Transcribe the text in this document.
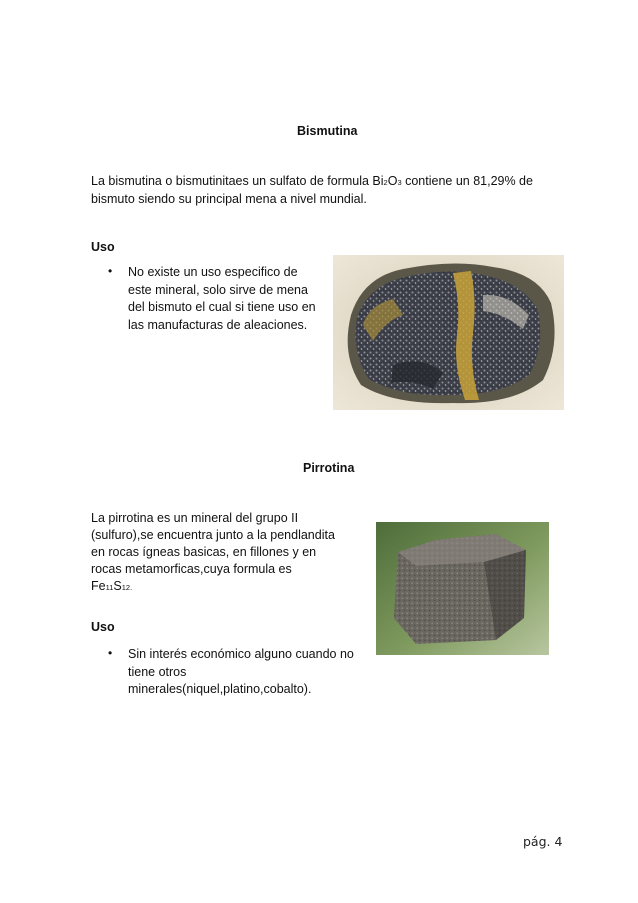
Bismutina
La bismutina o bismutinitaes un sulfato de formula Bi2O3 contiene un 81,29% de
bismuto siendo su principal mena a nivel mundial.
Uso
• No existe un uso especifico de este mineral, solo sirve de mena del bismuto el cual si tiene uso en las manufacturas de aleaciones.
Pirrotina
La pirrotina es un mineral del grupo II
(sulfuro),se encuentra junto a la pendlandita
en rocas ígneas basicas, en fillones y en
rocas metamorficas,cuya formula es
Fe11S12.
Uso
• Sin interés económico alguno cuando no tiene otros minerales(niquel,platino,cobalto).
pág. 4
